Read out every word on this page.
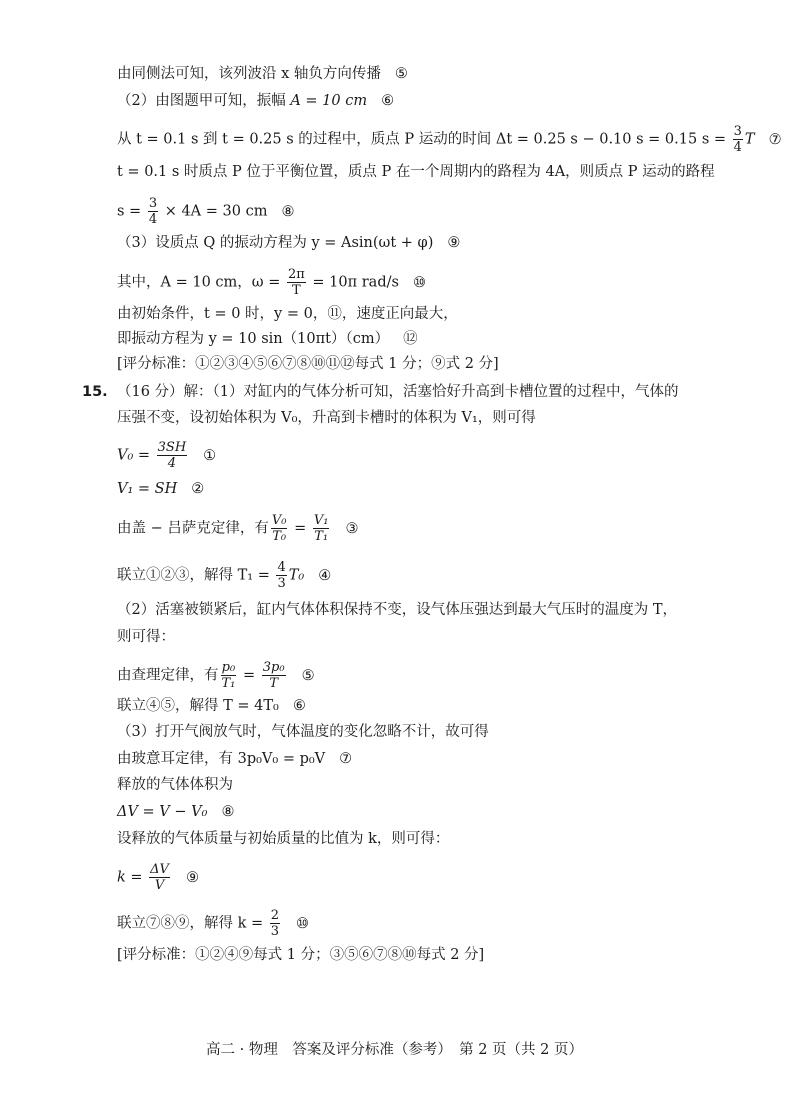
由同侧法可知，该列波沿 x 轴负方向传播 ⑤
（2）由图题甲可知，振幅 A = 10 cm ⑥
从 t = 0.1 s 到 t = 0.25 s 的过程中，质点 P 运动的时间 Δt = 0.25 s − 0.10 s = 0.15 $s = \frac{3}{4}$ T ⑦
t = 0.1 s 时质点 P 位于平衡位置，质点 P 在一个周期内的路程为 4A，则质点 P 运动的路程
$s = \frac{3}{4} \times 4A = 30$ cm ⑧
（3）设质点 Q 的振动方程为 y = Asin(ωt + φ) ⑨
其中，A = 10 cm，$\omega = \frac{2\pi}{T} = 10\pi$ rad/s ⑩
由初始条件，t = 0 时，y = 0，⑪，速度正向最大，
即振动方程为 y = 10 sin（10πt）（cm） ⑫
[评分标准：①②③④⑤⑥⑦⑧⑩⑪⑫每式 1 分；⑨式 2 分]
15. （16 分）解：（1）对缸内的气体分析可知，活塞恰好升高到卡槽位置的过程中，气体的
压强不变，设初始体积为 V₀，升高到卡槽时的体积为 V₁，则可得
$V_0 = \frac{3SH}{4}$ ①
V₁ = SH ②
由盖 − 吕萨克定律，有 $\frac{\text{V₀}}{\text{T₀}} = \frac{\text{V₁}}{\text{T₁}}$ ③
联立①②③，解得 $T_1 = \frac{4}{3} T_0$ ④
（2）活塞被锁紧后，缸内气体体积保持不变，设气体压强达到最大气压时的温度为 T，
则可得：
由查理定律，有 $\frac{\text{p₀}}{\text{T₁}} = \frac{\text{3p₀}}{T}$ ⑤
联立④⑤，解得 T = 4T₀ ⑥
（3）打开气阀放气时，气体温度的变化忽略不计，故可得
由玻意耳定律，有 3p₀V₀ = p₀V ⑦
释放的气体体积为
ΔV = V − V₀ ⑧
设释放的气体质量与初始质量的比值为 k，则可得：
$k = \frac{\Delta V}{V}$ ⑨
联立⑦⑧⑨，解得 $k = \frac{2}{3}$ ⑩
[评分标准：①②④⑨每式 1 分；③⑤⑥⑦⑧⑩每式 2 分]
高二 · 物理　答案及评分标准（参考）　第 2 页（共 2 页）
